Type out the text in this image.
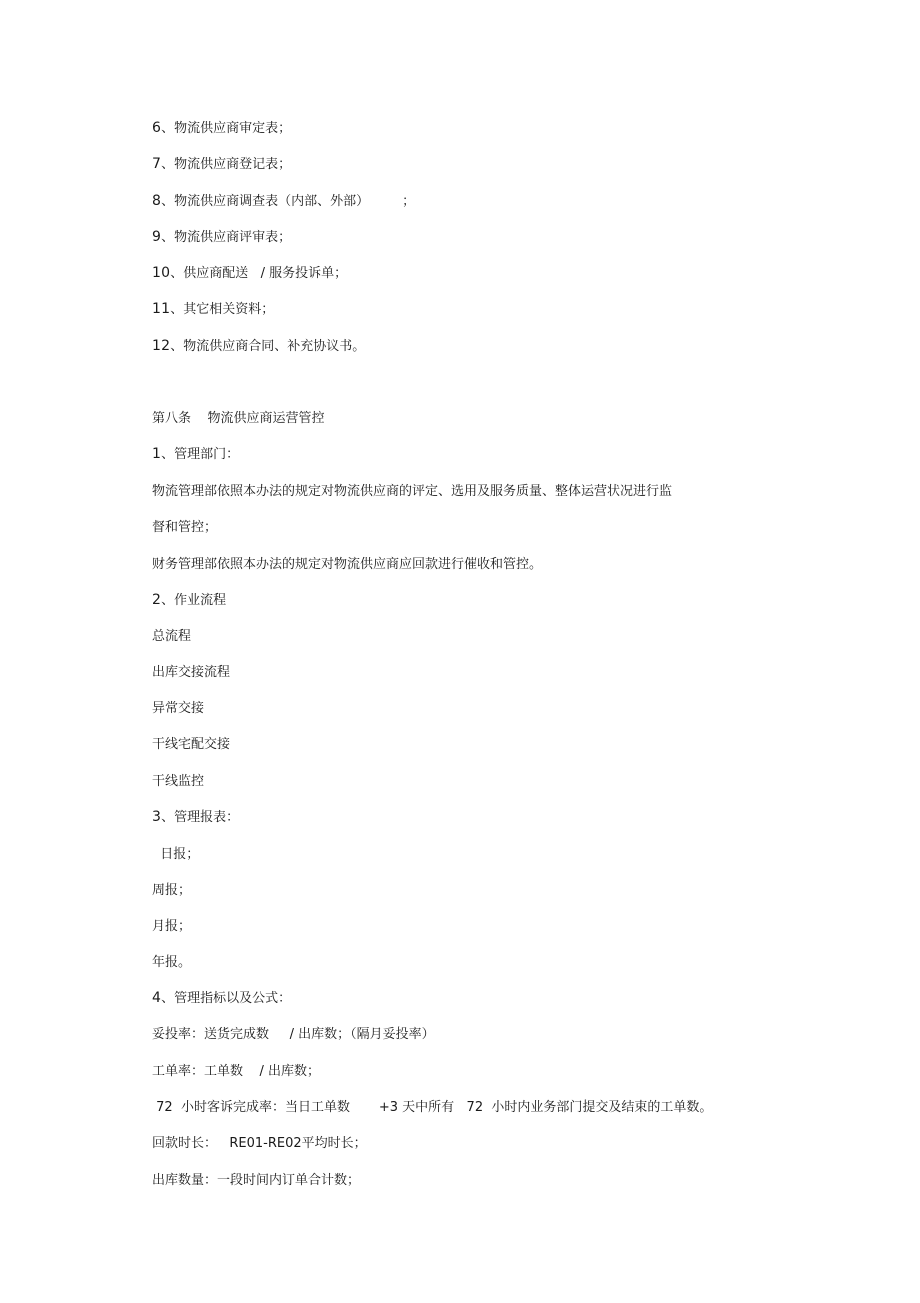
6、物流供应商审定表；
7、物流供应商登记表；
8、物流供应商调查表（内部、外部）        ；
9、物流供应商评审表；
10、供应商配送   / 服务投诉单；
11、其它相关资料；
12、物流供应商合同、补充协议书。
第八条    物流供应商运营管控
1、管理部门：
物流管理部依照本办法的规定对物流供应商的评定、选用及服务质量、整体运营状况进行监
督和管控；
财务管理部依照本办法的规定对物流供应商应回款进行催收和管控。
2、作业流程
总流程
出库交接流程
异常交接
干线宅配交接
干线监控
3、管理报表：
日报；
周报；
月报；
年报。
4、管理指标以及公式：
妥投率：送货完成数     / 出库数；（隔月妥投率）
工单率：工单数    / 出库数；
72  小时客诉完成率：当日工单数       +3 天中所有   72  小时内业务部门提交及结束的工单数。
回款时长：   RE01-RE02平均时长；
出库数量：一段时间内订单合计数；
